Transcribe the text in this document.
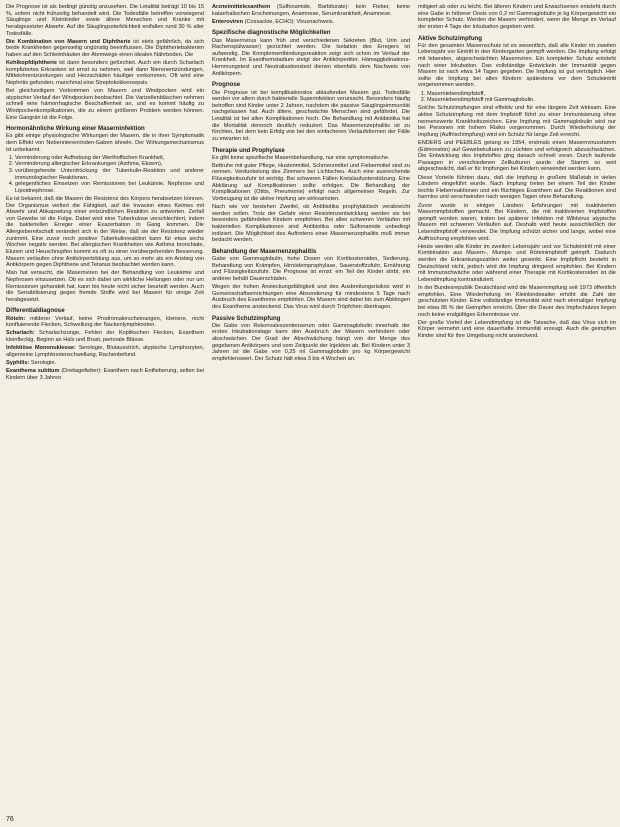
Die Prognose ist als bedingt günstig anzusehen. Die Letalität beträgt 10 bis 15 %, sofern nicht frühzeitig behandelt wird. Die Todesfälle betreffen vorwiegend Säuglinge und Kleinkinder sowie ältere Menschen und Kranke mit herabgesetzter Abwehr. Auf die Säuglingssterblichkeit entfallen rund 30 % aller Todesfälle.

Die Kombination von Masern und Diphtherie ist stets gefährlich, da sich beide Krankheiten gegenseitig ungünstig beeinflussen. Die Diphtheriebakterien haben auf den Schleimhäuten der Atemwege einen idealen Nährboden. Die

Kehlkopfdiphtherie ist dann besonders gefürchtet. Auch ein durch Scharlach kompliziertes Erkranken ist ernst zu nehmen, weil dann Nierenentzündungen, Mittelohrentzündungen und Herzschäden häufiger vorkommen. Oft wird eine Nephritis gefunden, manchmal eine Streptokokkensepsis.

Bei gleichzeitigem Vorkommen von Masern und Windpocken wird ein atypischer Verlauf der Windpocken beobachtet. Die Varizellenbläschen nehmen schnell eine hämorrhagische Beschaffenheit an, und es kommt häufig zu Windpockenkomplikationen, die zu einem größeren Problem werden können. Eine Gangrän ist die Folge.

Hormonähnliche Wirkung einer Maserninfektion

Es gibt einige physiologische Wirkungen der Masern, die in ihrer Symptomatik dem Effekt von Nebennierenrinden-Gaben ähneln. Der Wirkungsmechanismus ist unbekannt.

1. Verminderung oder Aufhebung der Werlhoffschen Krankheit,
2. Verminderung allergischer Erkrankungen (Asthma, Ekzem),
3. vorübergehende Unterdrückung der Tuberkulin-Reaktion und anderer immunologischer Reaktionen,
4. gelegentliches Einsetzen von Remissionen bei Leukämie, Nephrose und Lipoidnephrose.

Es ist bekannt, daß die Masern die Resistenz des Körpers herabsetzen können. Der Organismus verliert die Fähigkeit, auf die Invasion eines Keimes mit Abwehr und Abkapselung einer entzündlichen Reaktion zu antworten. Zerfall von Gewebe ist die Folge. Dabei wird eine Tuberkulose verschlechtert, indem die bakteriellen Erreger einer Exazerbation in Gang kommen. Die Allergiebereitschaft verändert sich in der Weise, daß sie der Resistenz wieder zunimmt. Eine zuvor noch positive Tuberkulinreaktion kann für etwa sechs Wochen negativ werden. Bei allergischen Krankheiten wie Asthma bronchiale, Ekzem und Heuschnupfen kommt es oft zu einer vorübergehenden Besserung. Masern verlaufen ohne Antikörperbildung aus, um so mehr als ein Anstieg von Antikörpern gegen Diphtherie und Tetanus beobachtet werden kann.

Man hat versucht, die Masernviren bei der Behandlung von Leukämie und Nephrosen einzusetzen. Ob es sich dabei um wirkliche Heilungen oder nur um Remissionen gehandelt hat, kann bis heute nicht sicher beurteilt werden. Auch die Sensibilisierung gegen fremde Stoffe wird bei Masern für einige Zeit herabgesetzt.

Differentialdiagnose

Röteln: milderer Verlauf, keine Prodromalerscheinungen, kleinere, nicht konfluierende Flecken, Schwellung der Nackenlymphknoten.

Scharlach: Scharlachzunge, Fehlen der Koplikschen Flecken, Exanthem kleinfleckig, Beginn an Hals und Brust, periorale Blässe.

Infektiöse Mononukleose: Serologie, Blutausstrich, atypische Lymphozyten, allgemeine Lymphknotenschwellung, Rachenbefund.

Syphilis: Serologie.

Exanthema subitum (Dreitagefieber): Exanthem nach Entfieberung, selten bei Kindern über 3 Jahren.

Arzneimittelexanthem (Sulfonamide, Barbiturate): kein Fieber, keine katarrhalischen Erscheinungen, Anamnese, Serumkrankheit, Anamnese.

Enteroviren (Coxsackie, ECHO): Virusnachweis.

Spezifische diagnostische Möglichkeiten

Das Masernvirus kann früh und verschiedenen Sekreten (Blut, Urin und Rachenspülwasser) gezüchtet werden. Die Isolation des Erregers ist aufwendig. Die Komplementbindungsreaktion zeigt sich schon im Verlauf der Krankheit. Im Exanthemstadium steigt der Antikörpertiter. Hämagglutinations-Hemmungstest und Neutralisationstest dienen ebenfalls dem Nachweis von Antikörpern.

Prognose

Die Prognose ist bei komplikationslos ablaufenden Masern gut. Todesfälle werden vor allem durch bakterielle Superinfektion verursacht. Besonders häufig betroffen sind Kinder unter 2 Jahren, nachdem die passive Säuglingsimmunität nachgelassen hat. Auch ältere, geschwächte Menschen sind gefährdet. Die Letalität ist bei allen Komplikationen hoch. Die Behandlung mit Antibiotika hat die Mortalität dennoch deutlich reduziert. Das Masernenzephalitis ist zu fürchten, bei dem kein Erfolg wie bei den einfacheren Verlaufsformen der Fälle zu erwarten ist.

Therapie und Prophylaxe

Es gibt keine spezifische Masernbehandlung, nur eine symptomatische.

Bettruhe mit guter Pflege, Hustenmittel, Schmerzmittel und Fiebermittel sind zu nennen. Verdunkelung des Zimmers bei Lichtscheu. Auch eine ausreichende Flüssigkeitszufuhr ist wichtig. Bei schweren Fällen Kreislaufunterstützung. Eine Abklärung auf Komplikationen sollte erfolgen. Die Behandlung der Komplikationen (Otitis, Pneumonie) erfolgt nach allgemeinen Regeln. Zur Vorbeugung ist die aktive Impfung am wirksamsten.

Nach wie vor bestehen Zweifel, ob Antibiotika prophylaktisch verabreicht werden sollen. Trotz der Gefahr einer Resistenzentwicklung werden sie bei besonders gefährdeten Kindern empfohlen. Bei allen schweren Verläufen mit bakteriellen Komplikationen sind Antibiotika oder Sulfonamide unbedingt indiziert. Die Möglichkeit des Auftretens einer Masernenzephalitis muß immer bedacht werden.

Behandlung der Masernenzephalitis

Gabe von Gammaglobulin, hohe Dosen von Kortikosteroiden, Sedierung, Behandlung von Krämpfen, Hirnödemprophylaxe, Sauerstoffzufuhr, Ernährung und Flüssigkeitszufuhr. Die Prognose ist ernst: ein Teil der Kinder stirbt, ein anderer behält Dauerschäden.

Wegen der hohen Ansteckungsfähigkeit und des Ausbreitungsrisikos wird in Gemeinschaftseinrichtungen eine Absonderung für mindestens 5 Tage nach Ausbruch des Exanthems empfohlen. Die Masern sind dabei bis zum Abklingen des Exanthems ansteckend. Das Virus wird durch Tröpfchen übertragen.

Passive Schutzimpfung

Die Gabe von Rekonvaleszentenserum oder Gammaglobulin innerhalb der ersten Inkubationstage kann den Ausbruch der Masern verhindern oder abschwächen. Der Grad der Abschwächung hängt von der Menge des gegebenen Antikörpers und vom Zeitpunkt der Injektion ab. Bei Kindern unter 3 Jahren ist die Gabe von 0,25 ml Gammaglobulin pro kg Körpergewicht empfehlenswert. Der Schutz hält etwa 3 bis 4 Wochen an.

mitigiert ab oder zu leicht. Bei älteren Kindern und Erwachsenen entsteht durch eine Gabe in höherer Dosis von 0,2 ml Gammaglobulin je kg Körpergewicht ein kompletter Schutz. Werden die Masern verhindert, wenn die Menge im Verlauf der ersten 4 Tage der Inkubation gegeben wird.

Aktive Schutzimpfung

Für den gesamten Masernschutz ist es wesentlich, daß alle Kinder im zweiten Lebensjahr vor Eintritt in den Kindergarten geimpft werden. Die Impfung erfolgt mit lebenden, abgeschwächten Masernviren. Ein kompletter Schutz entsteht nach einer Inkubation. Das vollständige Entwickeln der Immunität gegen Masern ist nach etwa 14 Tagen gegeben. Die Impfung ist gut verträglich. Hier sollte die Impfung bei allen Kindern spätestens vor dem Schuleintritt vorgenommen werden.

1. Masernlebendimpfstoff,
2. Masernlebendimpfstoff mit Gammaglobulin.

Solche Schutzimpfungen sind effektiv und für eine längere Zeit wirksam. Eine aktive Schutzimpfung mit dem Impfstoff führt zu einer Immunisierung ohne nennenswerte Krankheitszeichen. Eine Impfung mit Gammaglobulin wird nur bei Personen mit hohem Risiko vorgenommen. Durch Wiederholung der Impfung (Auffrischimpfung) wird ein Schutz für lange Zeit erreicht.

ENDERS und PEEBLES gelang es 1954, erstmals einen Masernvirusstamm (Edmonston) auf Gewebekulturen zu züchten und erfolgreich abzuschwächen. Die Entwicklung des Impfstoffes ging danach schnell voran. Durch laufende Passagen in verschiedenen Zellkulturen wurde der Stamm so weit abgeschwächt, daß er für Impfungen bei Kindern verwendet werden kann.

Diese Vorteile führten dazu, daß die Impfung in großem Maßstab in vielen Ländern eingeführt wurde. Nach Impfung treten bei einem Teil der Kinder leichte Fieberreaktionen und ein flüchtiges Exanthem auf. Die Reaktionen sind harmlos und verschwinden nach wenigen Tagen ohne Behandlung.

Zuvor wurde in einigen Ländern Erfahrungen mit inaktivierten Masernimpfstoffen gemacht. Bei Kindern, die mit inaktivierten Impfstoffen geimpft worden waren, traten bei späterer Infektion mit Wildvirus atypische Masern mit schweren Verläufen auf. Deshalb wird heute ausschließlich der Lebendimpfstoff verwendet. Die Impfung schützt sicher und lange, wobei eine Auffrischung empfohlen wird.

Heute werden alle Kinder im zweiten Lebensjahr und vor Schuleintritt mit einer Kombination aus Masern-, Mumps- und Rötelnimpfstoff geimpft. Dadurch werden die Erkrankungszahlen weiter gesenkt. Eine Impfpflicht besteht in Deutschland nicht, jedoch wird die Impfung dringend empfohlen. Bei Kindern mit Immunschwäche oder während einer Therapie mit Kortikosteroiden ist die Lebendimpfung kontraindiziert.

In der Bundesrepublik Deutschland wird die Masernimpfung seit 1973 öffentlich empfohlen. Eine Wiederholung im Kleinkindesalter erhöht die Zahl der geschützten Kinder. Eine vollständige Immunität wird nach einmaliger Impfung bei etwa 95 % der Geimpften erreicht. Über die Dauer des Impfschutzes liegen noch keine endgültigen Erkenntnisse vor.

Der große Vorteil der Lebendimpfung ist die Tatsache, daß das Virus sich im Körper vermehrt und eine dauerhafte Immunität erzeugt. Auch die geimpften Kinder sind für ihre Umgebung nicht ansteckend.

76
